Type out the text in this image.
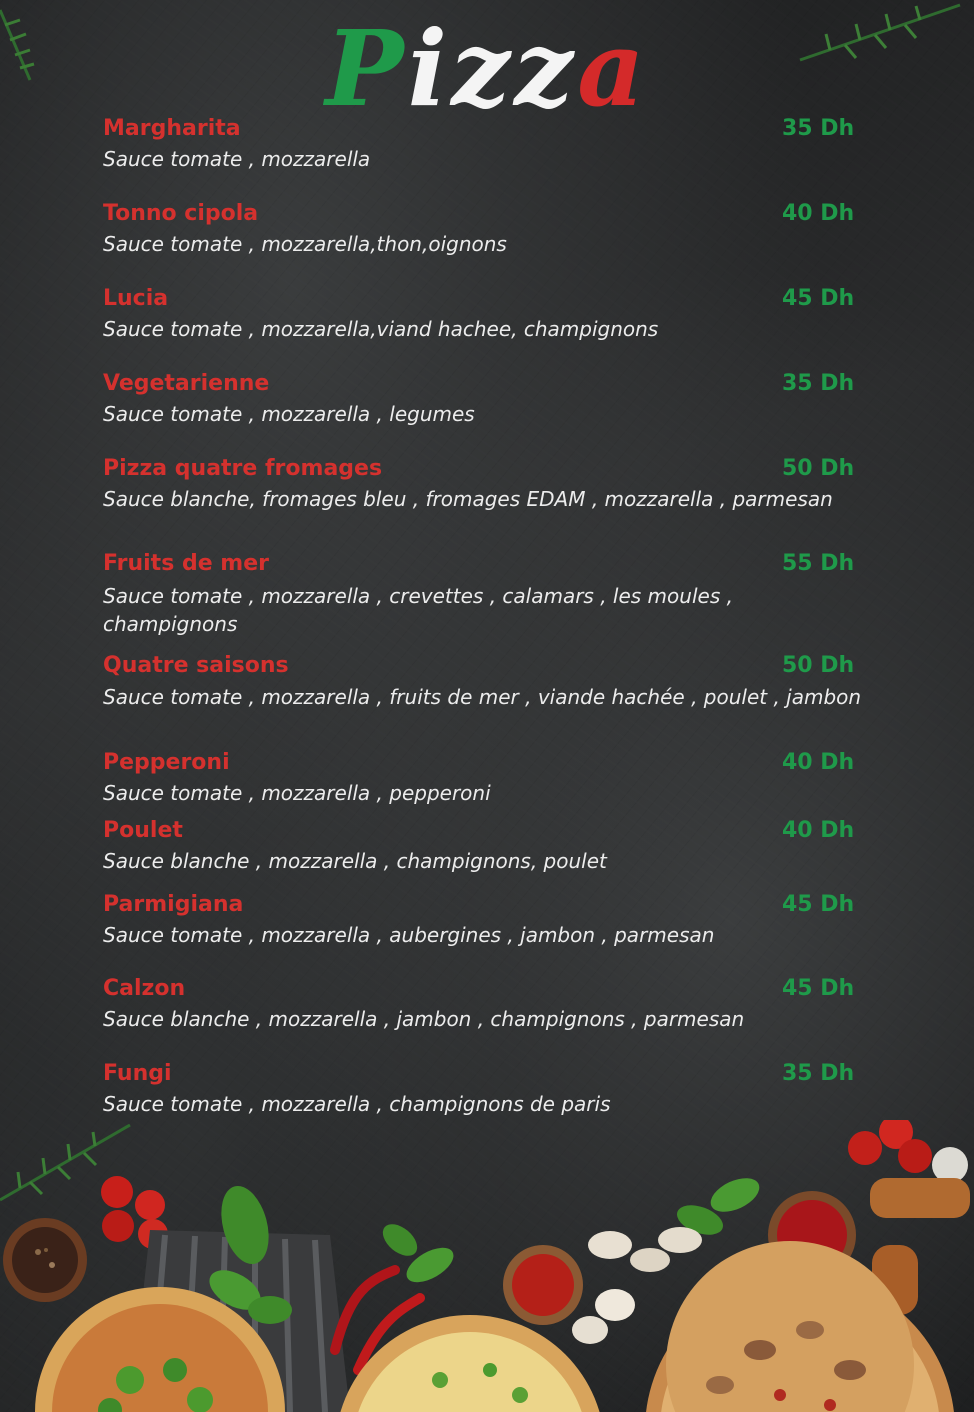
Pizza
Margharita	35 Dh
Sauce tomate , mozzarella
Tonno cipola	40 Dh
Sauce tomate , mozzarella,thon,oignons
Lucia	45 Dh
Sauce tomate , mozzarella,viand hachee, champignons
Vegetarienne	35 Dh
Sauce tomate , mozzarella , legumes
Pizza quatre fromages	50 Dh
Sauce blanche, fromages bleu , fromages EDAM , mozzarella , parmesan
Fruits de mer	55 Dh
Sauce tomate , mozzarella , crevettes , calamars , les moules , champignons
Quatre saisons	50 Dh
Sauce tomate , mozzarella , fruits de mer , viande hachée , poulet , jambon
Pepperoni	40 Dh
Sauce tomate , mozzarella , pepperoni
Poulet	40 Dh
Sauce blanche , mozzarella , champignons, poulet
Parmigiana	45 Dh
Sauce tomate , mozzarella , aubergines , jambon , parmesan
Calzon	45 Dh
Sauce blanche , mozzarella , jambon , champignons , parmesan
Fungi	35 Dh
Sauce tomate , mozzarella , champignons de paris
